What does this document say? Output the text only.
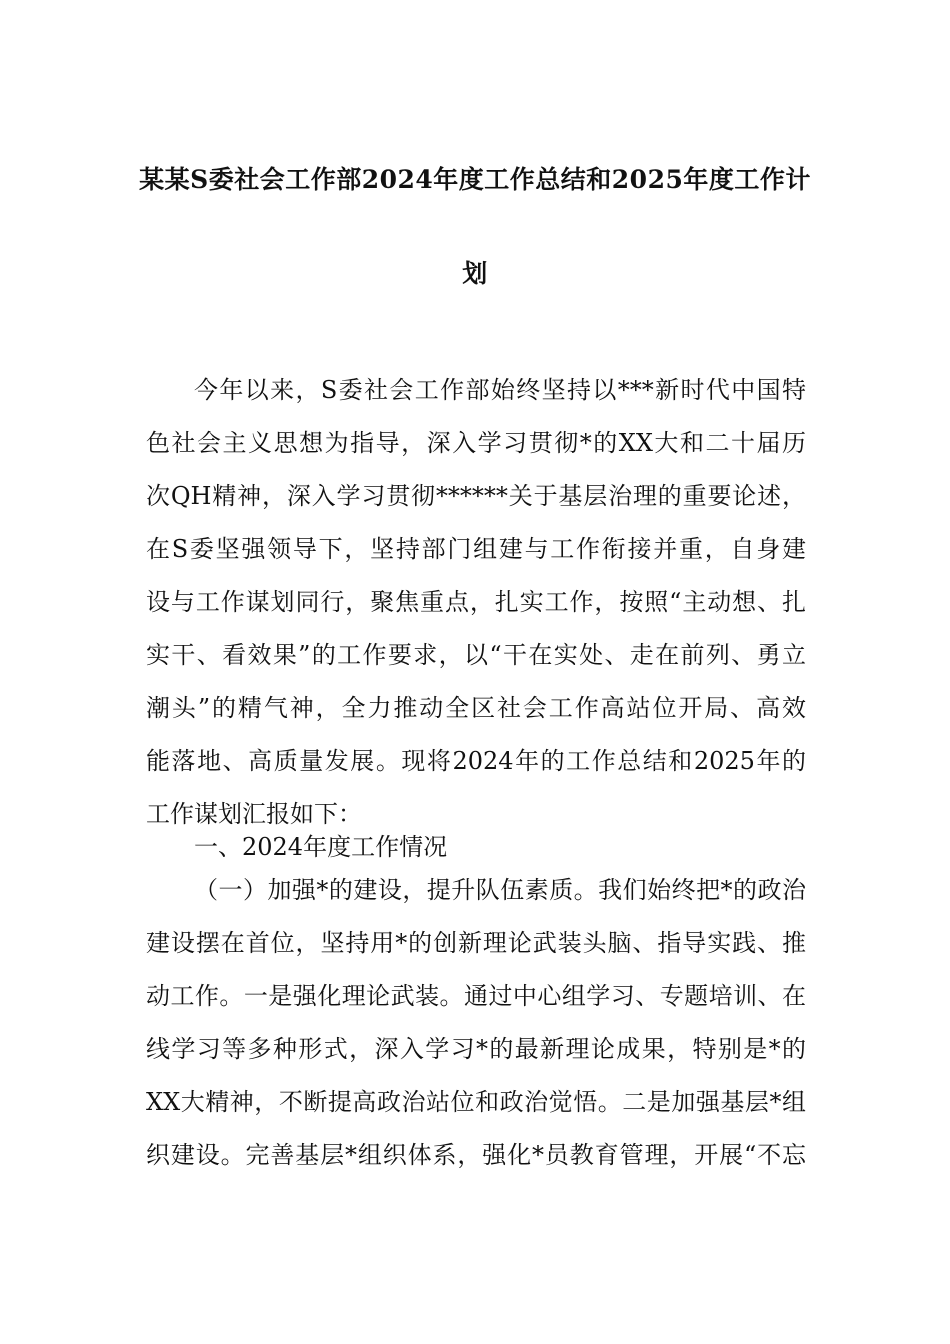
某某S委社会工作部2024年度工作总结和2025年度工作计
划
今年以来，S委社会工作部始终坚持以***新时代中国特
色社会主义思想为指导，深入学习贯彻*的XX大和二十届历
次QH精神，深入学习贯彻******关于基层治理的重要论述，
在S委坚强领导下，坚持部门组建与工作衔接并重，自身建
设与工作谋划同行，聚焦重点，扎实工作，按照“主动想、扎
实干、看效果”的工作要求，以“干在实处、走在前列、勇立
潮头”的精气神，全力推动全区社会工作高站位开局、高效
能落地、高质量发展。现将2024年的工作总结和2025年的
工作谋划汇报如下：
一、2024年度工作情况
（一）加强*的建设，提升队伍素质。我们始终把*的政治
建设摆在首位，坚持用*的创新理论武装头脑、指导实践、推
动工作。一是强化理论武装。通过中心组学习、专题培训、在
线学习等多种形式，深入学习*的最新理论成果，特别是*的
XX大精神，不断提高政治站位和政治觉悟。二是加强基层*组
织建设。完善基层*组织体系，强化*员教育管理，开展“不忘
